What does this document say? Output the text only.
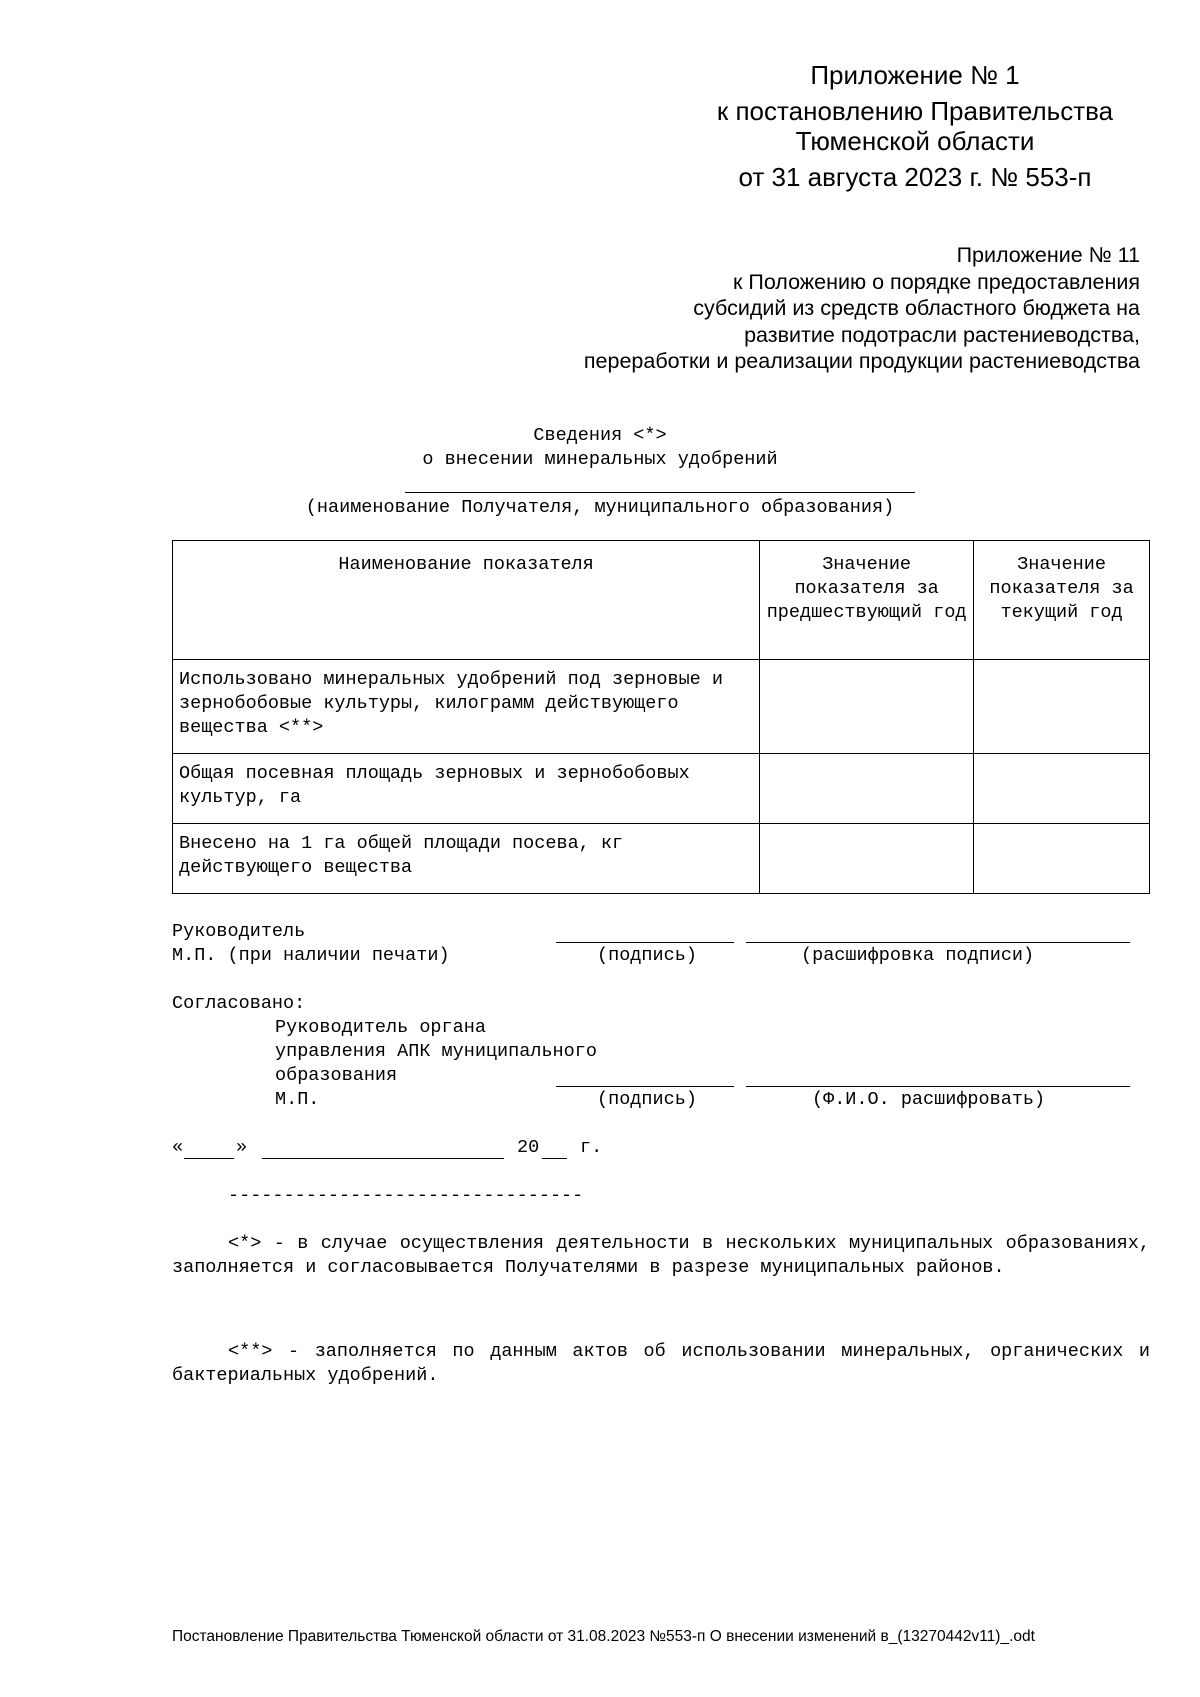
Приложение № 1
к постановлению Правительства
Тюменской области
от 31 августа 2023 г. № 553-п
Приложение № 11
к Положению о порядке предоставления
субсидий из средств областного бюджета на
развитие подотрасли растениеводства,
переработки и реализации продукции растениеводства
Сведения <*>
о внесении минеральных удобрений
(наименование Получателя, муниципального образования)
Наименование показателя	Значение показателя за предшествующий год	Значение показателя за текущий год
Использовано минеральных удобрений под зерновые и зернобобовые культуры, килограмм действующего вещества <**>		
Общая посевная площадь зерновых и зернобобовых культур, га		
Внесено на 1 га общей площади посева, кг действующего вещества		
Руководитель
М.П. (при наличии печати)	(подпись)	(расшифровка подписи)
Согласовано:
Руководитель органа
управления АПК муниципального
образования
М.П.	(подпись)	(Ф.И.О. расшифровать)
«	»	20 г.
--------------------------------
<*> - в случае осуществления деятельности в нескольких муниципальных образованиях, заполняется и согласовывается Получателями в разрезе муниципальных районов.
<**> - заполняется по данным актов об использовании минеральных, органических и бактериальных удобрений.
Постановление Правительства Тюменской области от 31.08.2023 №553-п О внесении изменений в_(13270442v11)_.odt
